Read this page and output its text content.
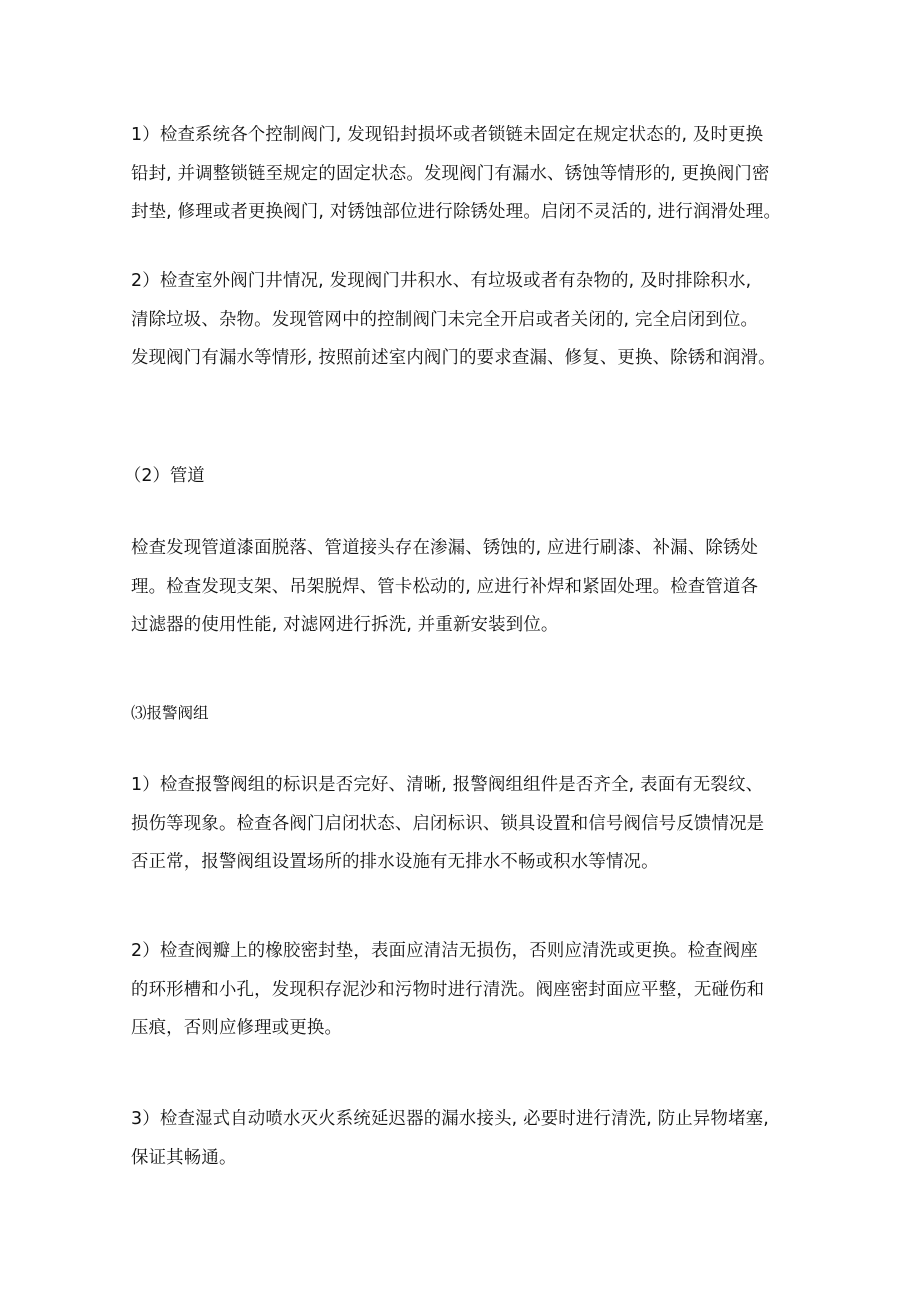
1）检查系统各个控制阀门, 发现铅封损坏或者锁链未固定在规定状态的, 及时更换
铅封, 并调整锁链至规定的固定状态。发现阀门有漏水、锈蚀等情形的, 更换阀门密
封垫, 修理或者更换阀门, 对锈蚀部位进行除锈处理。启闭不灵活的, 进行润滑处理。

2）检查室外阀门井情况, 发现阀门井积水、有垃圾或者有杂物的, 及时排除积水,
清除垃圾、杂物。发现管网中的控制阀门未完全开启或者关闭的, 完全启闭到位。
发现阀门有漏水等情形, 按照前述室内阀门的要求查漏、修复、更换、除锈和润滑。

（2）管道

检查发现管道漆面脱落、管道接头存在渗漏、锈蚀的, 应进行刷漆、补漏、除锈处
理。检查发现支架、吊架脱焊、管卡松动的, 应进行补焊和紧固处理。检查管道各
过滤器的使用性能, 对滤网进行拆洗, 并重新安装到位。

⑶报警阀组

1）检查报警阀组的标识是否完好、清晰, 报警阀组组件是否齐全, 表面有无裂纹、
损伤等现象。检查各阀门启闭状态、启闭标识、锁具设置和信号阀信号反馈情况是
否正常，报警阀组设置场所的排水设施有无排水不畅或积水等情况。

2）检查阀瓣上的橡胶密封垫，表面应清洁无损伤，否则应清洗或更换。检查阀座
的环形槽和小孔，发现积存泥沙和污物时进行清洗。阀座密封面应平整，无碰伤和
压痕，否则应修理或更换。

3）检查湿式自动喷水灭火系统延迟器的漏水接头, 必要时进行清洗, 防止异物堵塞,
保证其畅通。
